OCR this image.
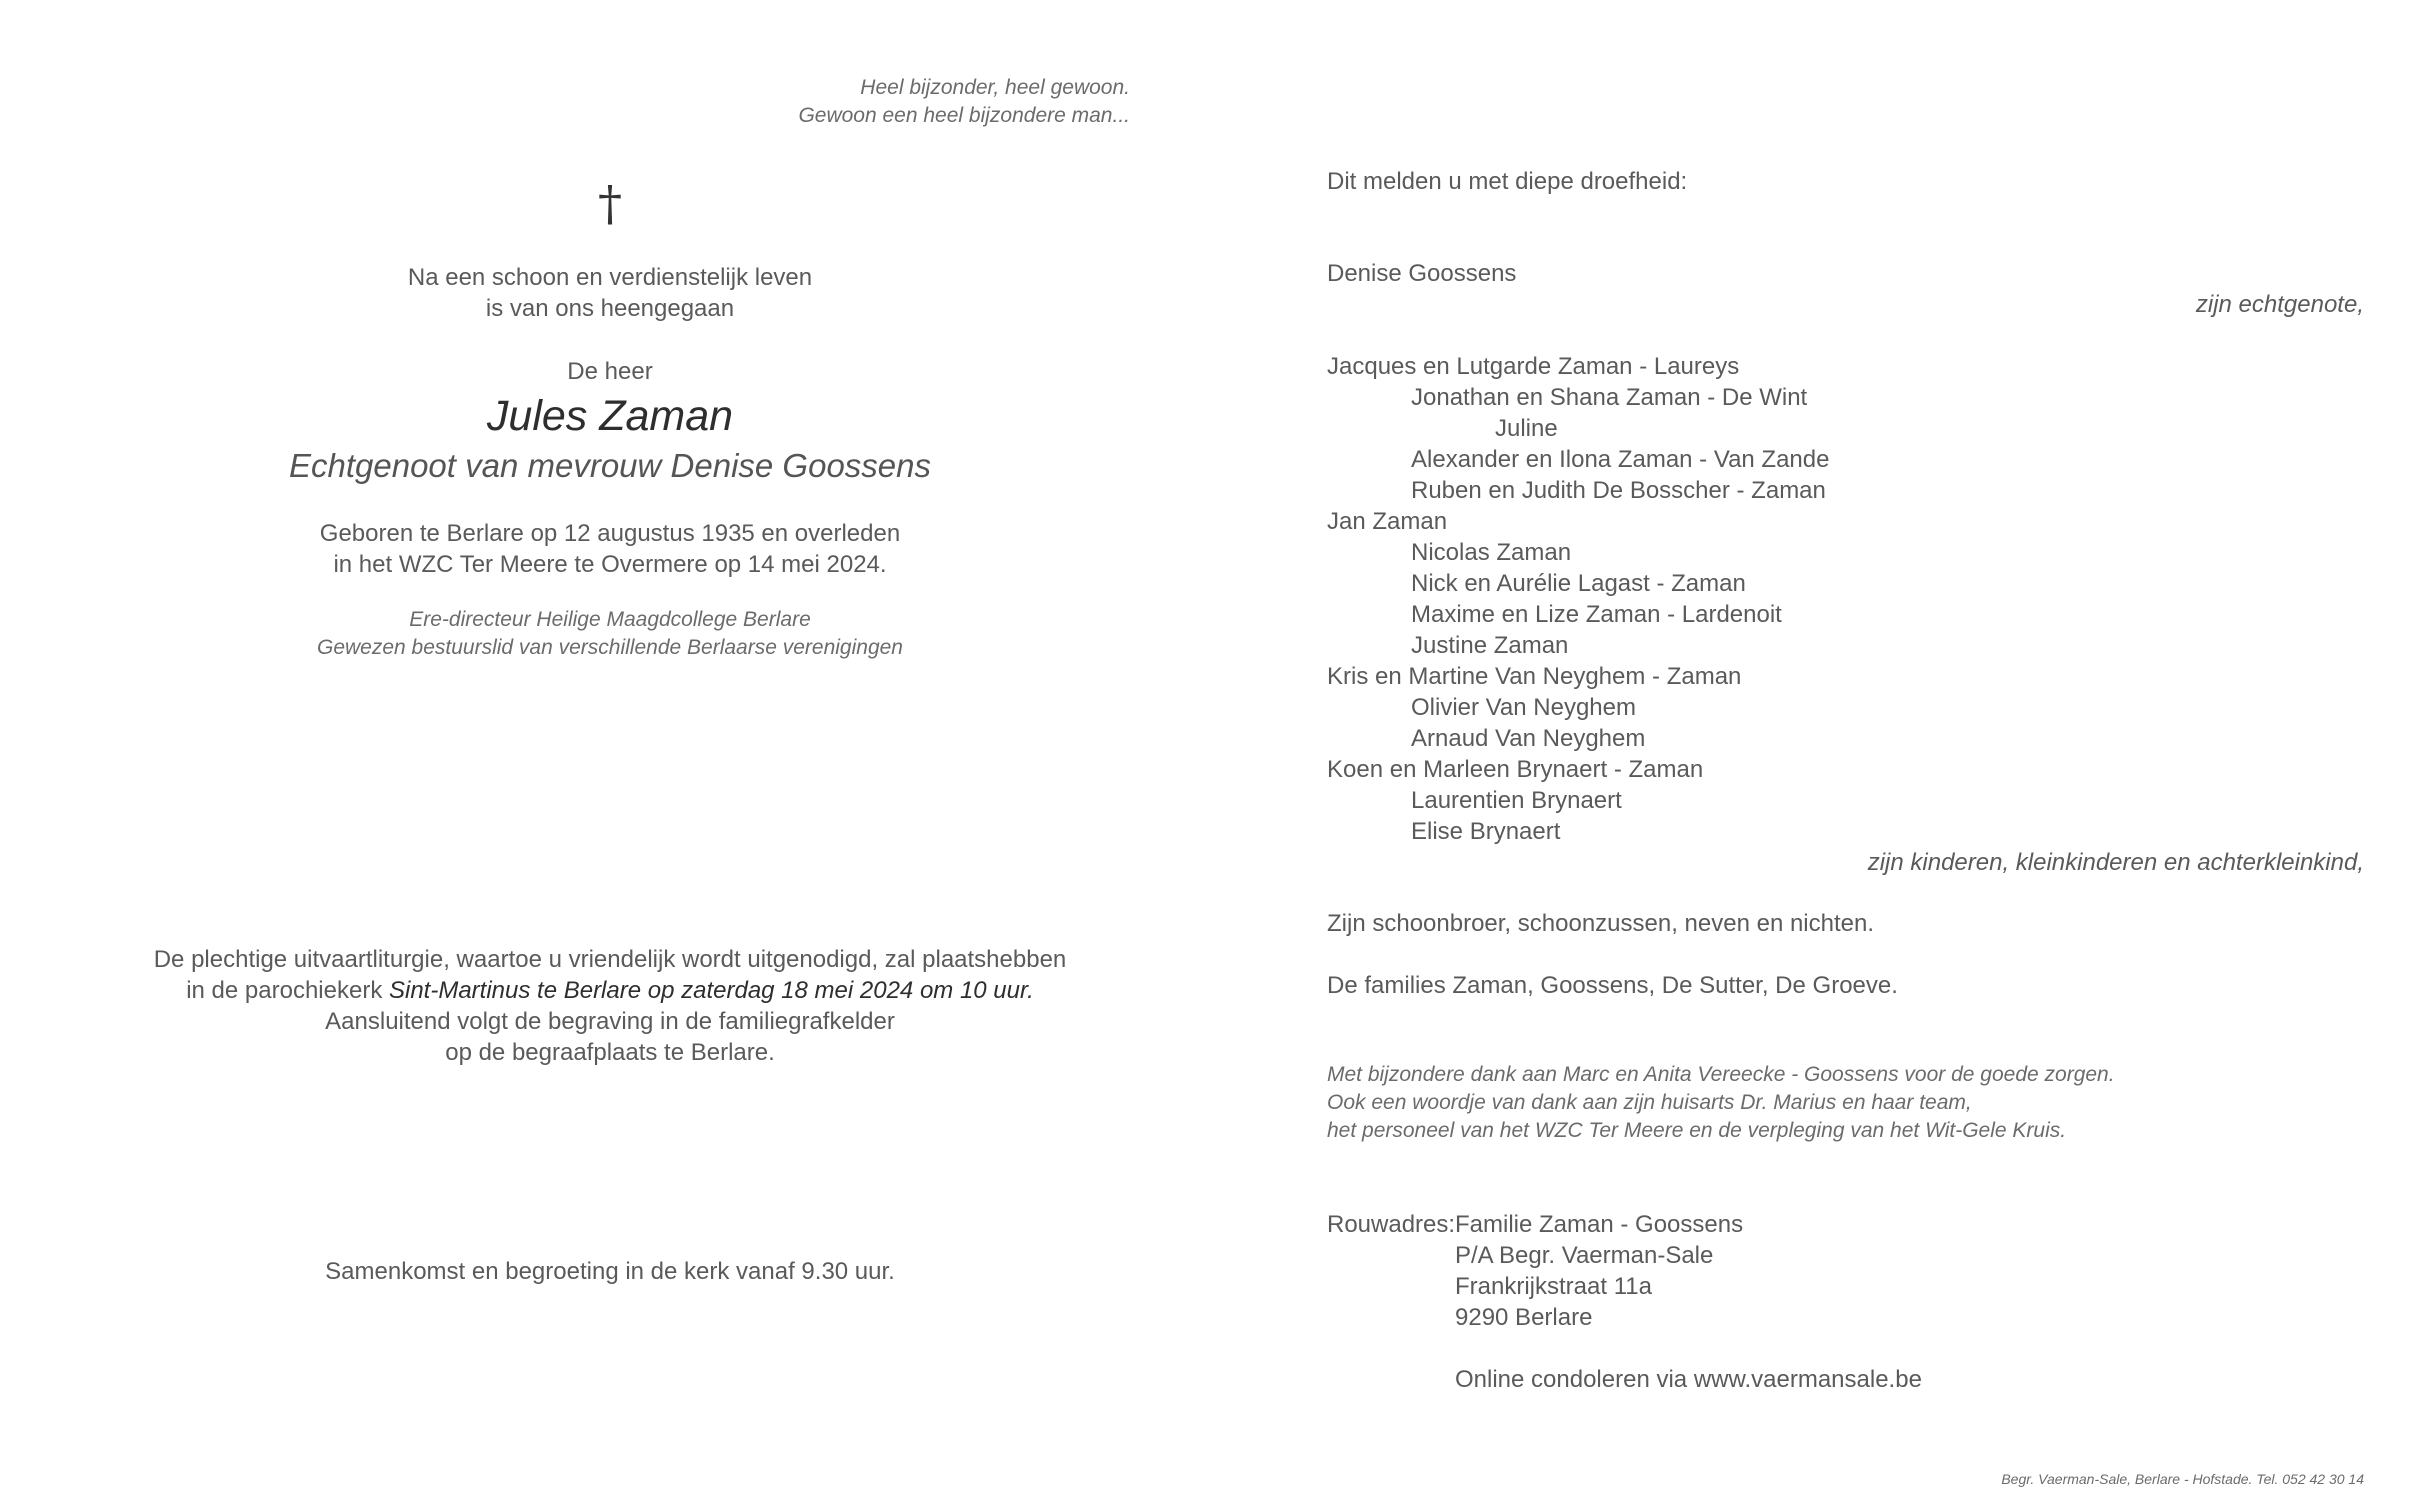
Heel bijzonder, heel gewoon.
Gewoon een heel bijzondere man...
†
Na een schoon en verdienstelijk leven
is van ons heengegaan
De heer
Jules Zaman
Echtgenoot van mevrouw Denise Goossens
Geboren te Berlare op 12 augustus 1935 en overleden
in het WZC Ter Meere te Overmere op 14 mei 2024.
Ere-directeur Heilige Maagdcollege Berlare
Gewezen bestuurslid van verschillende Berlaarse verenigingen
De plechtige uitvaartliturgie, waartoe u vriendelijk wordt uitgenodigd, zal plaatshebben
in de parochiekerk Sint-Martinus te Berlare op zaterdag 18 mei 2024 om 10 uur.
Aansluitend volgt de begraving in de familiegrafkelder
op de begraafplaats te Berlare.
Samenkomst en begroeting in de kerk vanaf 9.30 uur.
Dit melden u met diepe droefheid:
Denise Goossens
zijn echtgenote,
Jacques en Lutgarde Zaman - Laureys
Jonathan en Shana Zaman - De Wint
Juline
Alexander en Ilona Zaman - Van Zande
Ruben en Judith De Bosscher - Zaman
Jan Zaman
Nicolas Zaman
Nick en Aurélie Lagast - Zaman
Maxime en Lize Zaman - Lardenoit
Justine Zaman
Kris en Martine Van Neyghem - Zaman
Olivier Van Neyghem
Arnaud Van Neyghem
Koen en Marleen Brynaert - Zaman
Laurentien Brynaert
Elise Brynaert
zijn kinderen, kleinkinderen en achterkleinkind,
Zijn schoonbroer, schoonzussen, neven en nichten.
De families Zaman, Goossens, De Sutter, De Groeve.
Met bijzondere dank aan Marc en Anita Vereecke - Goossens voor de goede zorgen.
Ook een woordje van dank aan zijn huisarts Dr. Marius en haar team,
het personeel van het WZC Ter Meere en de verpleging van het Wit-Gele Kruis.
Rouwadres: Familie Zaman - Goossens
P/A Begr. Vaerman-Sale
Frankrijkstraat 11a
9290 Berlare
Online condoleren via www.vaermansale.be
Begr. Vaerman-Sale, Berlare - Hofstade. Tel. 052 42 30 14
